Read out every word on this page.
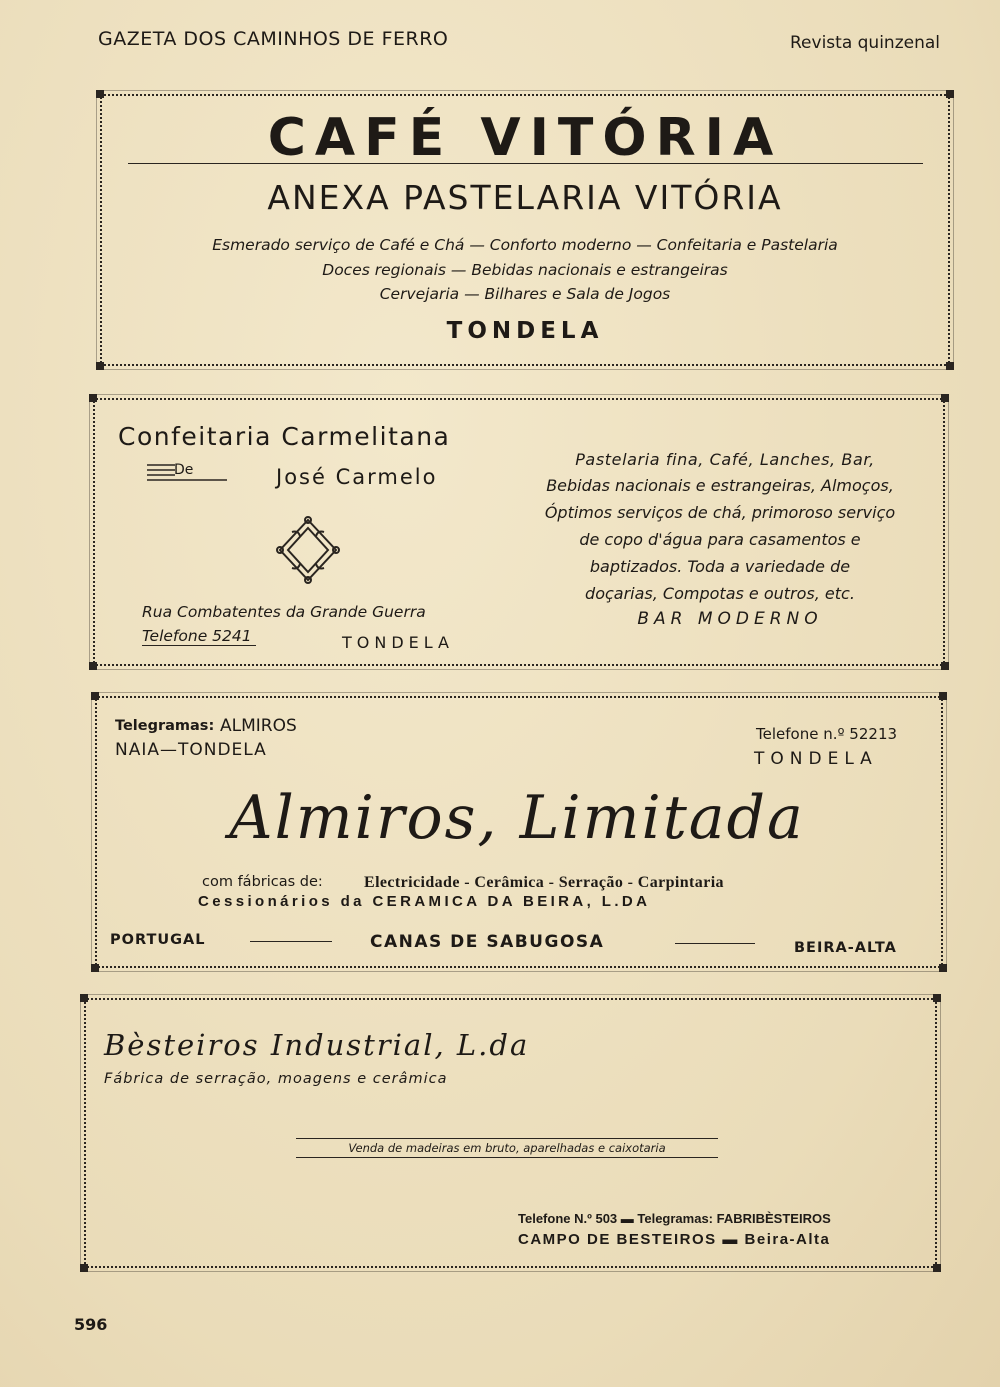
GAZETA DOS CAMINHOS DE FERRO	Revista quinzenal
CAFÉ VITÓRIA
ANEXA PASTELARIA VITÓRIA
Esmerado serviço de Café e Chá — Conforto moderno — Confeitaria e Pastelaria
Doces regionais — Bebidas nacionais e estrangeiras
Cervejaria — Bilhares e Sala de Jogos
TONDELA
Confeitaria Carmelitana
De	José Carmelo
Rua Combatentes da Grande Guerra
Telefone 5241	TONDELA
Pastelaria fina, Café, Lanches, Bar,
Bebidas nacionais e estrangeiras, Almoços,
Óptimos serviços de chá, primoroso serviço
de copo d'água para casamentos e
baptizados. Toda a variedade de
doçarias, Compotas e outros, etc.
BAR MODERNO
Telegramas: ALMIROS
NAIA—TONDELA
Telefone n.º 52213
TONDELA
Almiros, Limitada
com fábricas de:	Electricidade - Cerâmica - Serração - Carpintaria
Cessionários da CERAMICA DA BEIRA, L.DA
PORTUGAL	CANAS DE SABUGOSA	BEIRA-ALTA
Bèsteiros Industrial, L.da
Fábrica de serração, moagens e cerâmica
Venda de madeiras em bruto, aparelhadas e caixotaria
Telefone N.º 503 ▬ Telegramas: FABRIBÈSTEIROS
CAMPO DE BESTEIROS ▬ Beira-Alta
596
